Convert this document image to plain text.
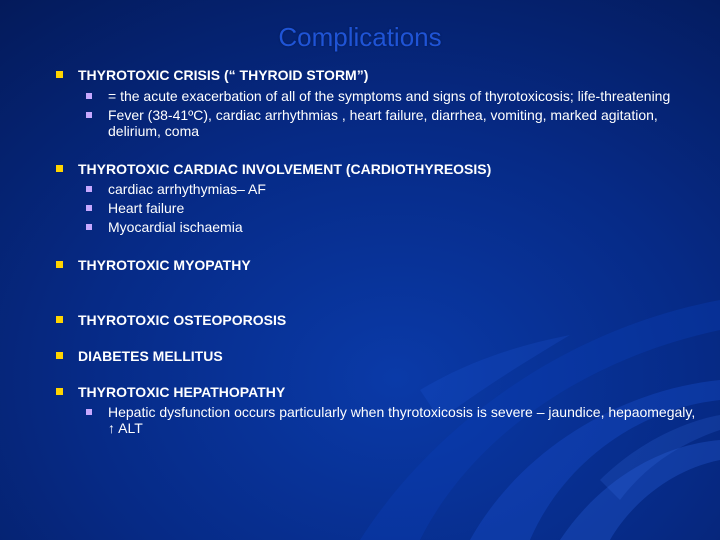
Complications
THYROTOXIC CRISIS (“ THYROID STORM”)
= the acute exacerbation of all of the symptoms and signs of thyrotoxicosis; life-threatening
Fever (38-41ºC), cardiac arrhythmias , heart failure, diarrhea, vomiting, marked agitation, delirium, coma
THYROTOXIC CARDIAC INVOLVEMENT (CARDIOTHYREOSIS)
cardiac arrhythymias– AF
Heart failure
Myocardial ischaemia
THYROTOXIC MYOPATHY
THYROTOXIC OSTEOPOROSIS
DIABETES MELLITUS
THYROTOXIC HEPATHOPATHY
Hepatic dysfunction occurs particularly when thyrotoxicosis is severe – jaundice, hepaomegaly, ↑ ALT
